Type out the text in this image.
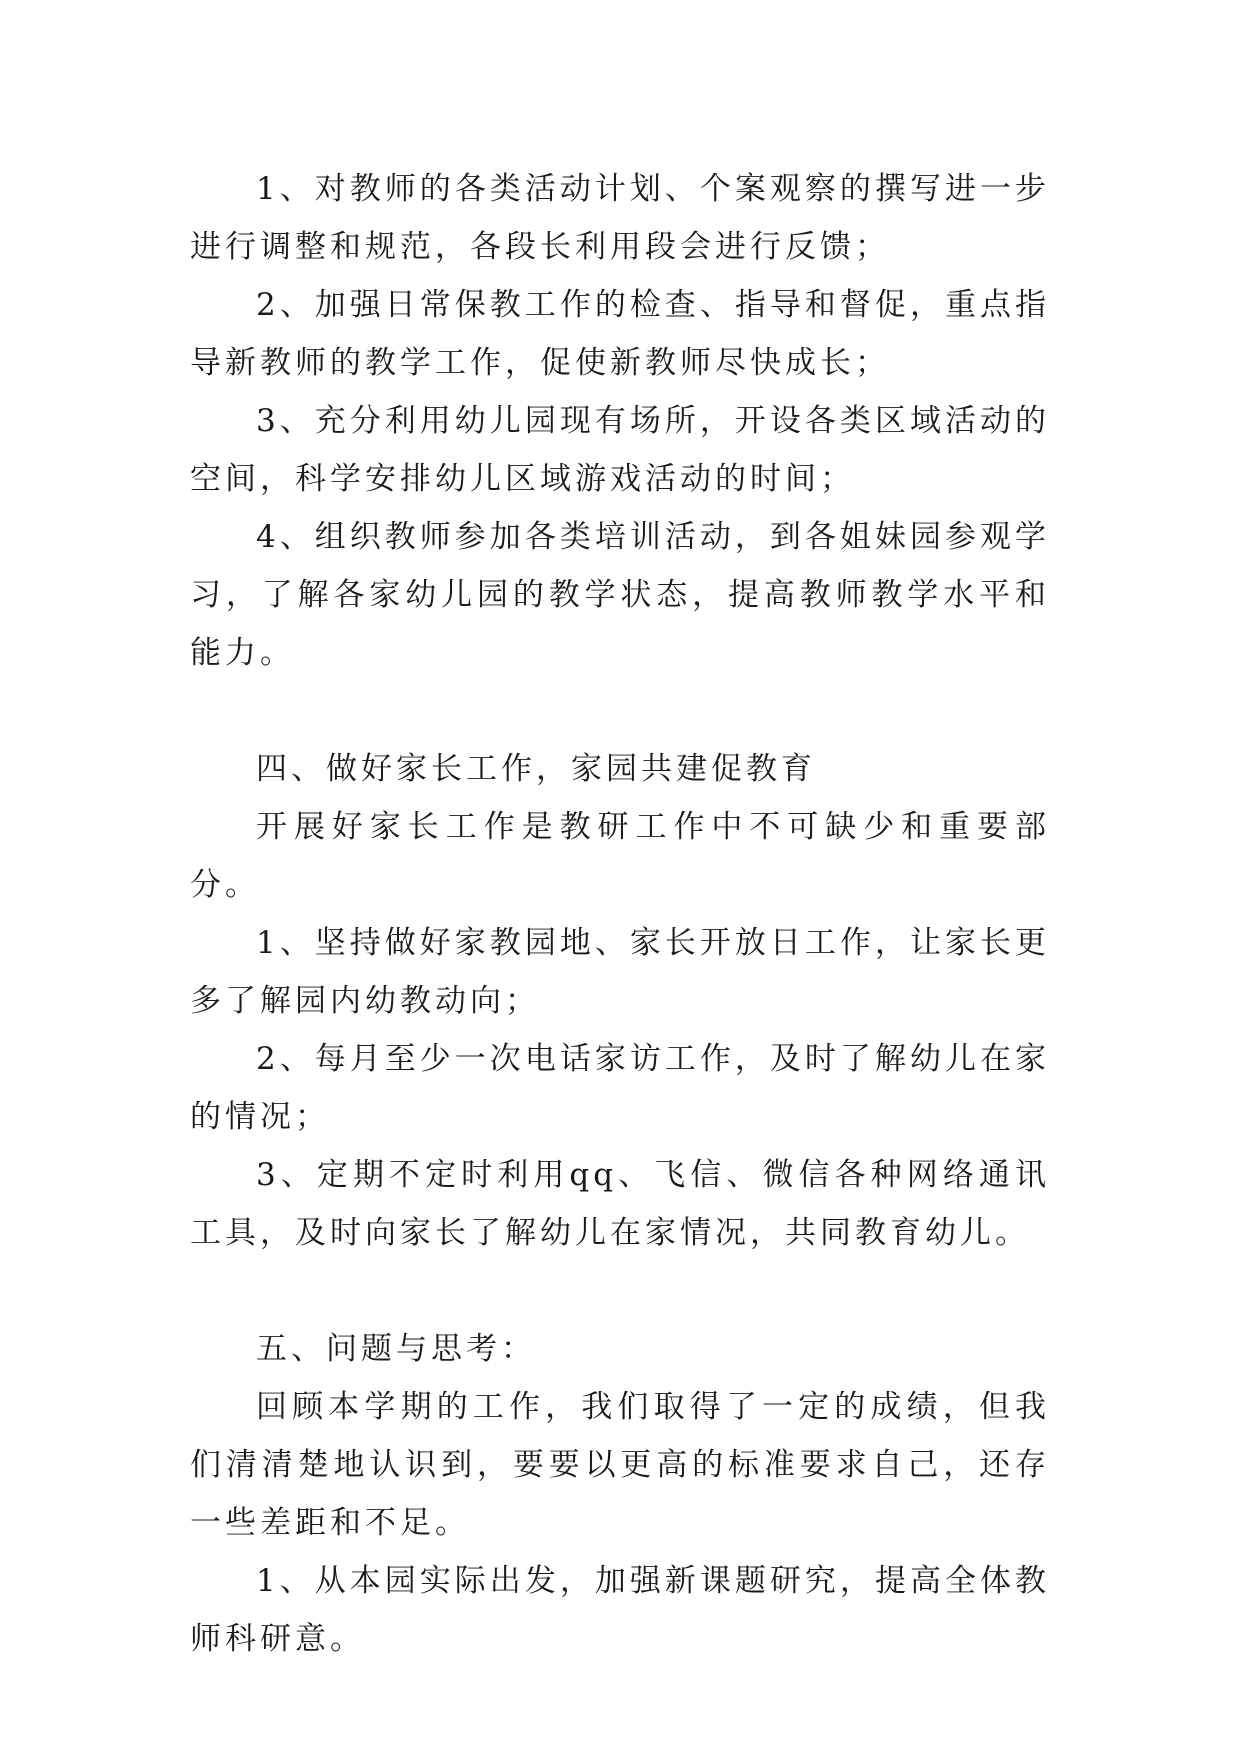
1、对教师的各类活动计划、个案观察的撰写进一步进行调整和规范，各段长利用段会进行反馈；

2、加强日常保教工作的检查、指导和督促，重点指导新教师的教学工作，促使新教师尽快成长；

3、充分利用幼儿园现有场所，开设各类区域活动的空间，科学安排幼儿区域游戏活动的时间；

4、组织教师参加各类培训活动，到各姐妹园参观学习，了解各家幼儿园的教学状态，提高教师教学水平和能力。

四、做好家长工作，家园共建促教育

开展好家长工作是教研工作中不可缺少和重要部分。

1、坚持做好家教园地、家长开放日工作，让家长更多了解园内幼教动向；

2、每月至少一次电话家访工作，及时了解幼儿在家的情况；

3、定期不定时利用qq、飞信、微信各种网络通讯工具，及时向家长了解幼儿在家情况，共同教育幼儿。

五、问题与思考：

回顾本学期的工作，我们取得了一定的成绩，但我们清清楚地认识到，要要以更高的标准要求自己，还存一些差距和不足。

1、从本园实际出发，加强新课题研究，提高全体教师科研意。
